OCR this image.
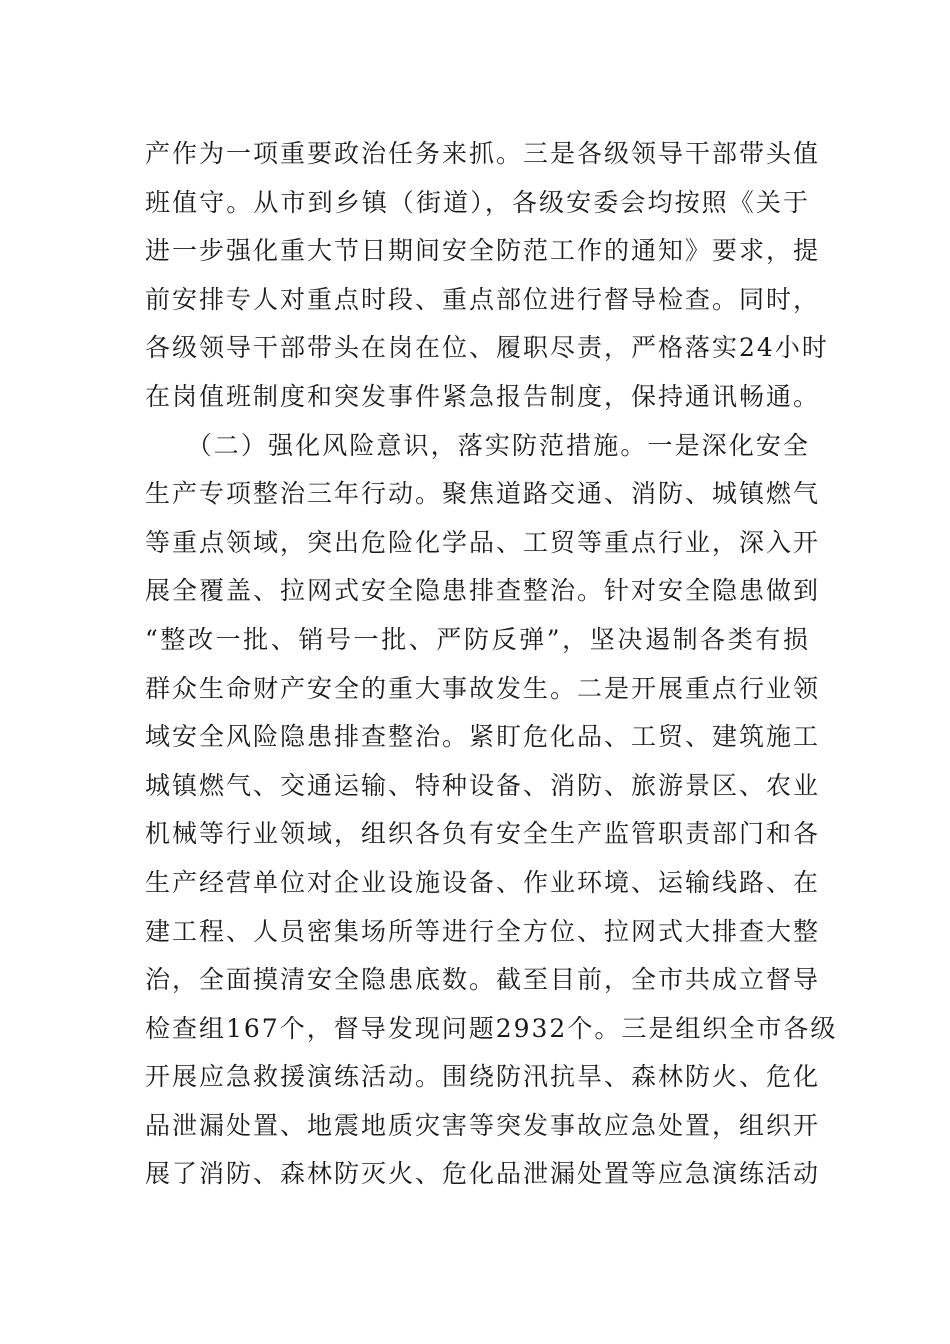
产作为一项重要政治任务来抓。三是各级领导干部带头值
班值守。从市到乡镇（街道），各级安委会均按照《关于
进一步强化重大节日期间安全防范工作的通知》要求，提
前安排专人对重点时段、重点部位进行督导检查。同时，
各级领导干部带头在岗在位、履职尽责，严格落实24小时
在岗值班制度和突发事件紧急报告制度，保持通讯畅通。
　　（二）强化风险意识，落实防范措施。一是深化安全
生产专项整治三年行动。聚焦道路交通、消防、城镇燃气
等重点领域，突出危险化学品、工贸等重点行业，深入开
展全覆盖、拉网式安全隐患排查整治。针对安全隐患做到
“整改一批、销号一批、严防反弹”，坚决遏制各类有损
群众生命财产安全的重大事故发生。二是开展重点行业领
域安全风险隐患排查整治。紧盯危化品、工贸、建筑施工
城镇燃气、交通运输、特种设备、消防、旅游景区、农业
机械等行业领域，组织各负有安全生产监管职责部门和各
生产经营单位对企业设施设备、作业环境、运输线路、在
建工程、人员密集场所等进行全方位、拉网式大排查大整
治，全面摸清安全隐患底数。截至目前，全市共成立督导
检查组167个，督导发现问题2932个。三是组织全市各级
开展应急救援演练活动。围绕防汛抗旱、森林防火、危化
品泄漏处置、地震地质灾害等突发事故应急处置，组织开
展了消防、森林防灭火、危化品泄漏处置等应急演练活动
